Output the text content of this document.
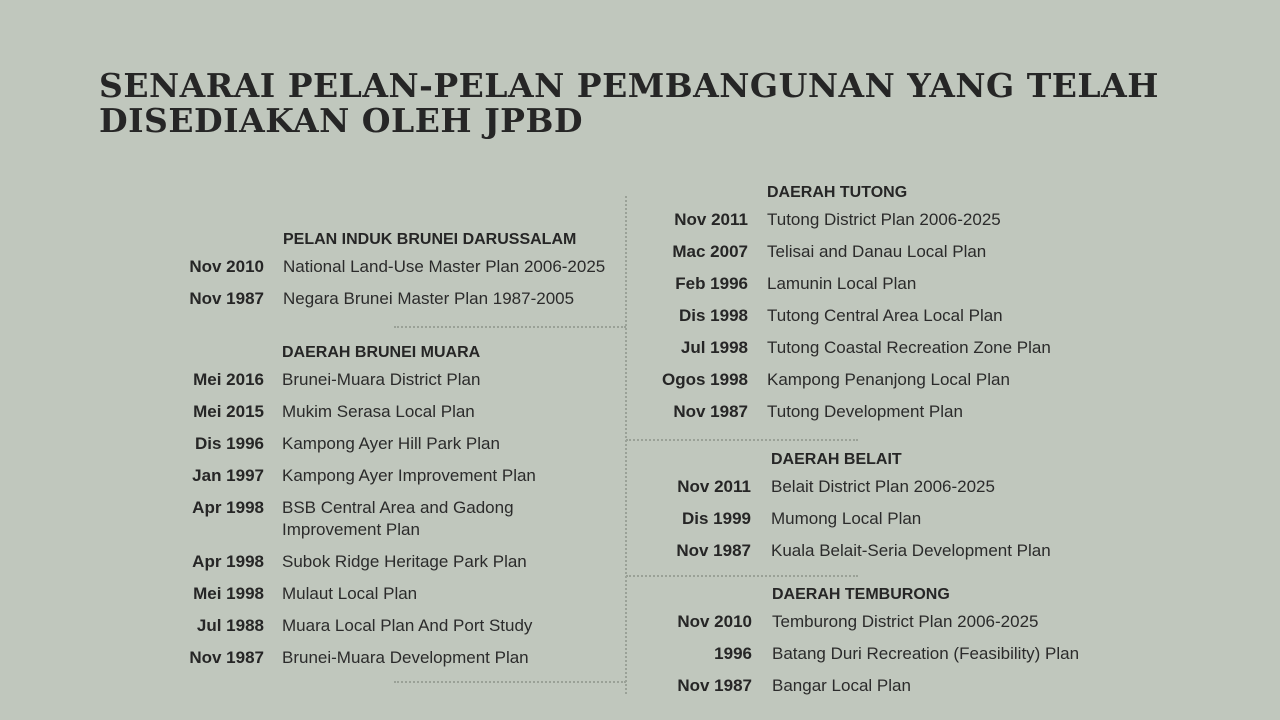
SENARAI PELAN-PELAN PEMBANGUNAN YANG TELAH DISEDIAKAN OLEH JPBD
PELAN INDUK BRUNEI DARUSSALAM
Nov 2010	National Land-Use Master Plan 2006-2025
Nov 1987	Negara Brunei Master Plan 1987-2005
DAERAH BRUNEI MUARA
Mei 2016	Brunei-Muara District Plan
Mei 2015	Mukim Serasa Local Plan
Dis 1996	Kampong Ayer Hill Park Plan
Jan 1997	Kampong Ayer Improvement Plan
Apr 1998	BSB Central Area and Gadong Improvement Plan
Apr 1998	Subok Ridge Heritage Park Plan
Mei 1998	Mulaut Local Plan
Jul 1988	Muara Local Plan And Port Study
Nov 1987	Brunei-Muara Development Plan
DAERAH TUTONG
Nov 2011	Tutong District Plan 2006-2025
Mac 2007	Telisai and Danau Local Plan
Feb 1996	Lamunin Local Plan
Dis 1998	Tutong Central Area Local Plan
Jul 1998	Tutong Coastal Recreation Zone Plan
Ogos 1998	Kampong Penanjong Local Plan
Nov 1987	Tutong Development Plan
DAERAH BELAIT
Nov 2011	Belait District Plan 2006-2025
Dis 1999	Mumong Local Plan
Nov 1987	Kuala Belait-Seria Development Plan
DAERAH TEMBURONG
Nov 2010	Temburong District Plan 2006-2025
1996	Batang Duri Recreation (Feasibility) Plan
Nov 1987	Bangar Local Plan
